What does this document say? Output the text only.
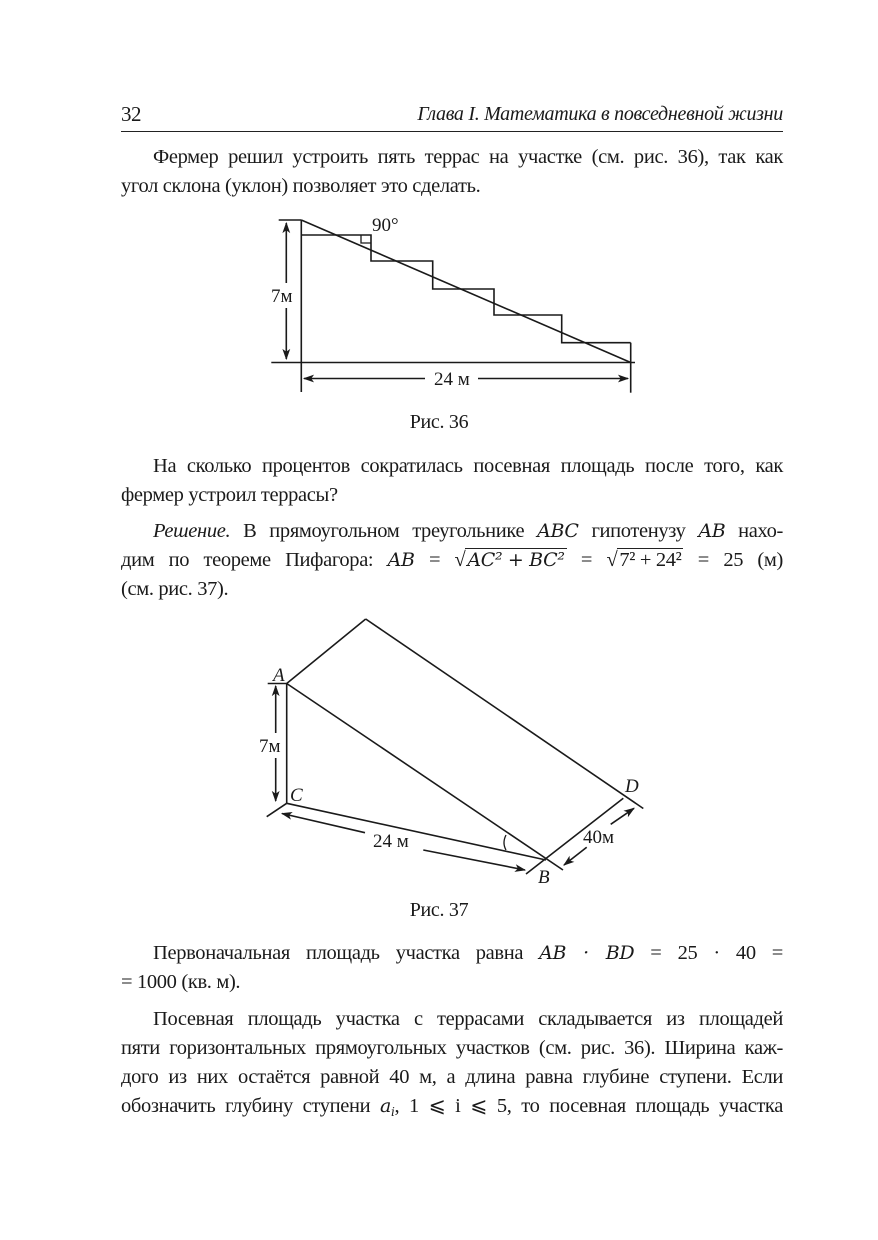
32	Глава I. Математика в повседневной жизни
Фермер решил устроить пять террас на участке (см. рис. 36), так как
угол склона (уклон) позволяет это сделать.
90°
7м
24 м
Рис. 36
На сколько процентов сократилась посевная площадь после того, как
фермер устроил террасы?
Решение. В прямоугольном треугольнике ABC гипотенузу AB нахо-
дим по теореме Пифагора: AB = √ AC² + BC² = √7² + 24² = 25 (м)
(см. рис. 37).
A
C
B
D
7м
24 м	40м
Рис. 37
Первоначальная площадь участка равна AB · BD = 25 · 40 =
= 1000 (кв. м).
Посевная площадь участка с террасами складывается из площадей
пяти горизонтальных прямоугольных участков (см. рис. 36). Ширина каж-
дого из них остаётся равной 40 м, а длина равна глубине ступени. Если
обозначить глубину ступени $a_i$, 1 ⩽ i ⩽ 5, то посевная площадь участка
